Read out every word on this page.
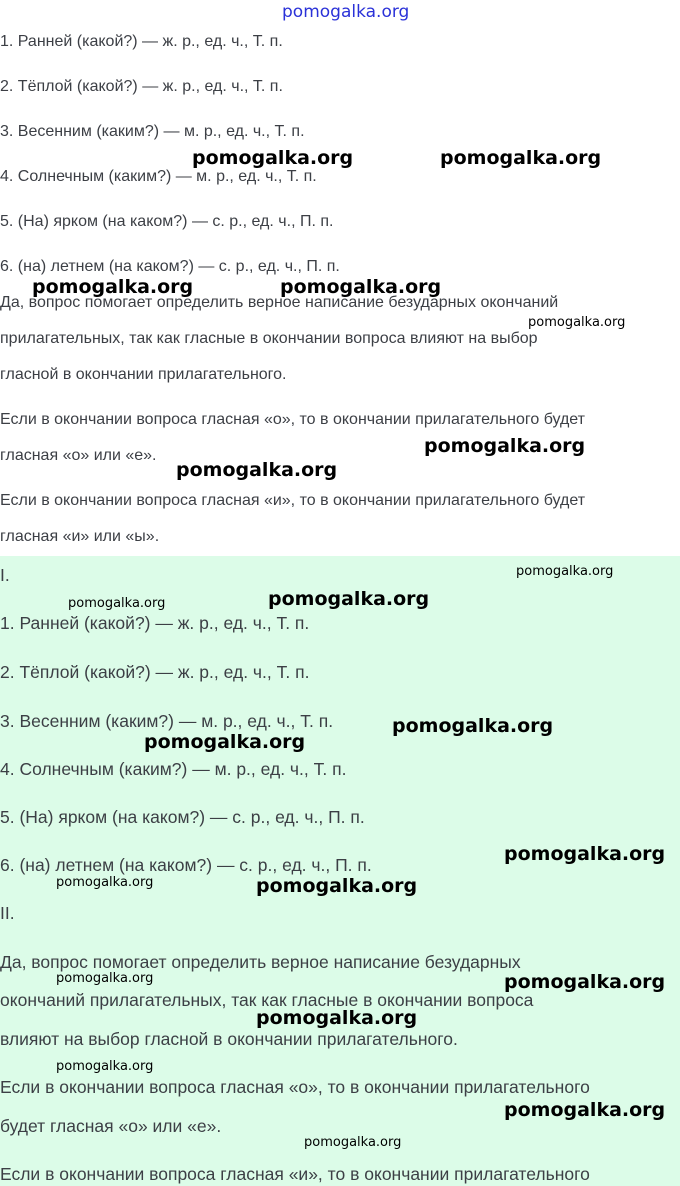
pomogalka.org

1. Ранней (какой?) — ж. р., ед. ч., Т. п.

2. Тёплой (какой?) — ж. р., ед. ч., Т. п.

3. Весенним (каким?) — м. р., ед. ч., Т. п.

4. Солнечным (каким?) — м. р., ед. ч., Т. п.

5. (На) ярком (на каком?) — с. р., ед. ч., П. п.

6. (на) летнем (на каком?) — с. р., ед. ч., П. п.

Да, вопрос помогает определить верное написание безударных окончаний

прилагательных, так как гласные в окончании вопроса влияют на выбор

гласной в окончании прилагательного.

Если в окончании вопроса гласная «о», то в окончании прилагательного будет

гласная «о» или «е».

Если в окончании вопроса гласная «и», то в окончании прилагательного будет

гласная «и» или «ы».

I.

1. Ранней (какой?) — ж. р., ед. ч., Т. п.

2. Тёплой (какой?) — ж. р., ед. ч., Т. п.

3. Весенним (каким?) — м. р., ед. ч., Т. п.

4. Солнечным (каким?) — м. р., ед. ч., Т. п.

5. (На) ярком (на каком?) — с. р., ед. ч., П. п.

6. (на) летнем (на каком?) — с. р., ед. ч., П. п.

II.

Да, вопрос помогает определить верное написание безударных

окончаний прилагательных, так как гласные в окончании вопроса

влияют на выбор гласной в окончании прилагательного.

Если в окончании вопроса гласная «о», то в окончании прилагательного

будет гласная «о» или «е».

Если в окончании вопроса гласная «и», то в окончании прилагательного

pomogalka.org	pomogalka.org
pomogalka.org	pomogalka.org
pomogalka.org
pomogalka.org
pomogalka.org
pomogalka.org
pomogalka.org
pomogalka.org
pomogalka.org
pomogalka.org
pomogalka.org
pomogalka.org	pomogalka.org
pomogalka.org	pomogalka.org
pomogalka.org
pomogalka.org
pomogalka.org
pomogalka.org
